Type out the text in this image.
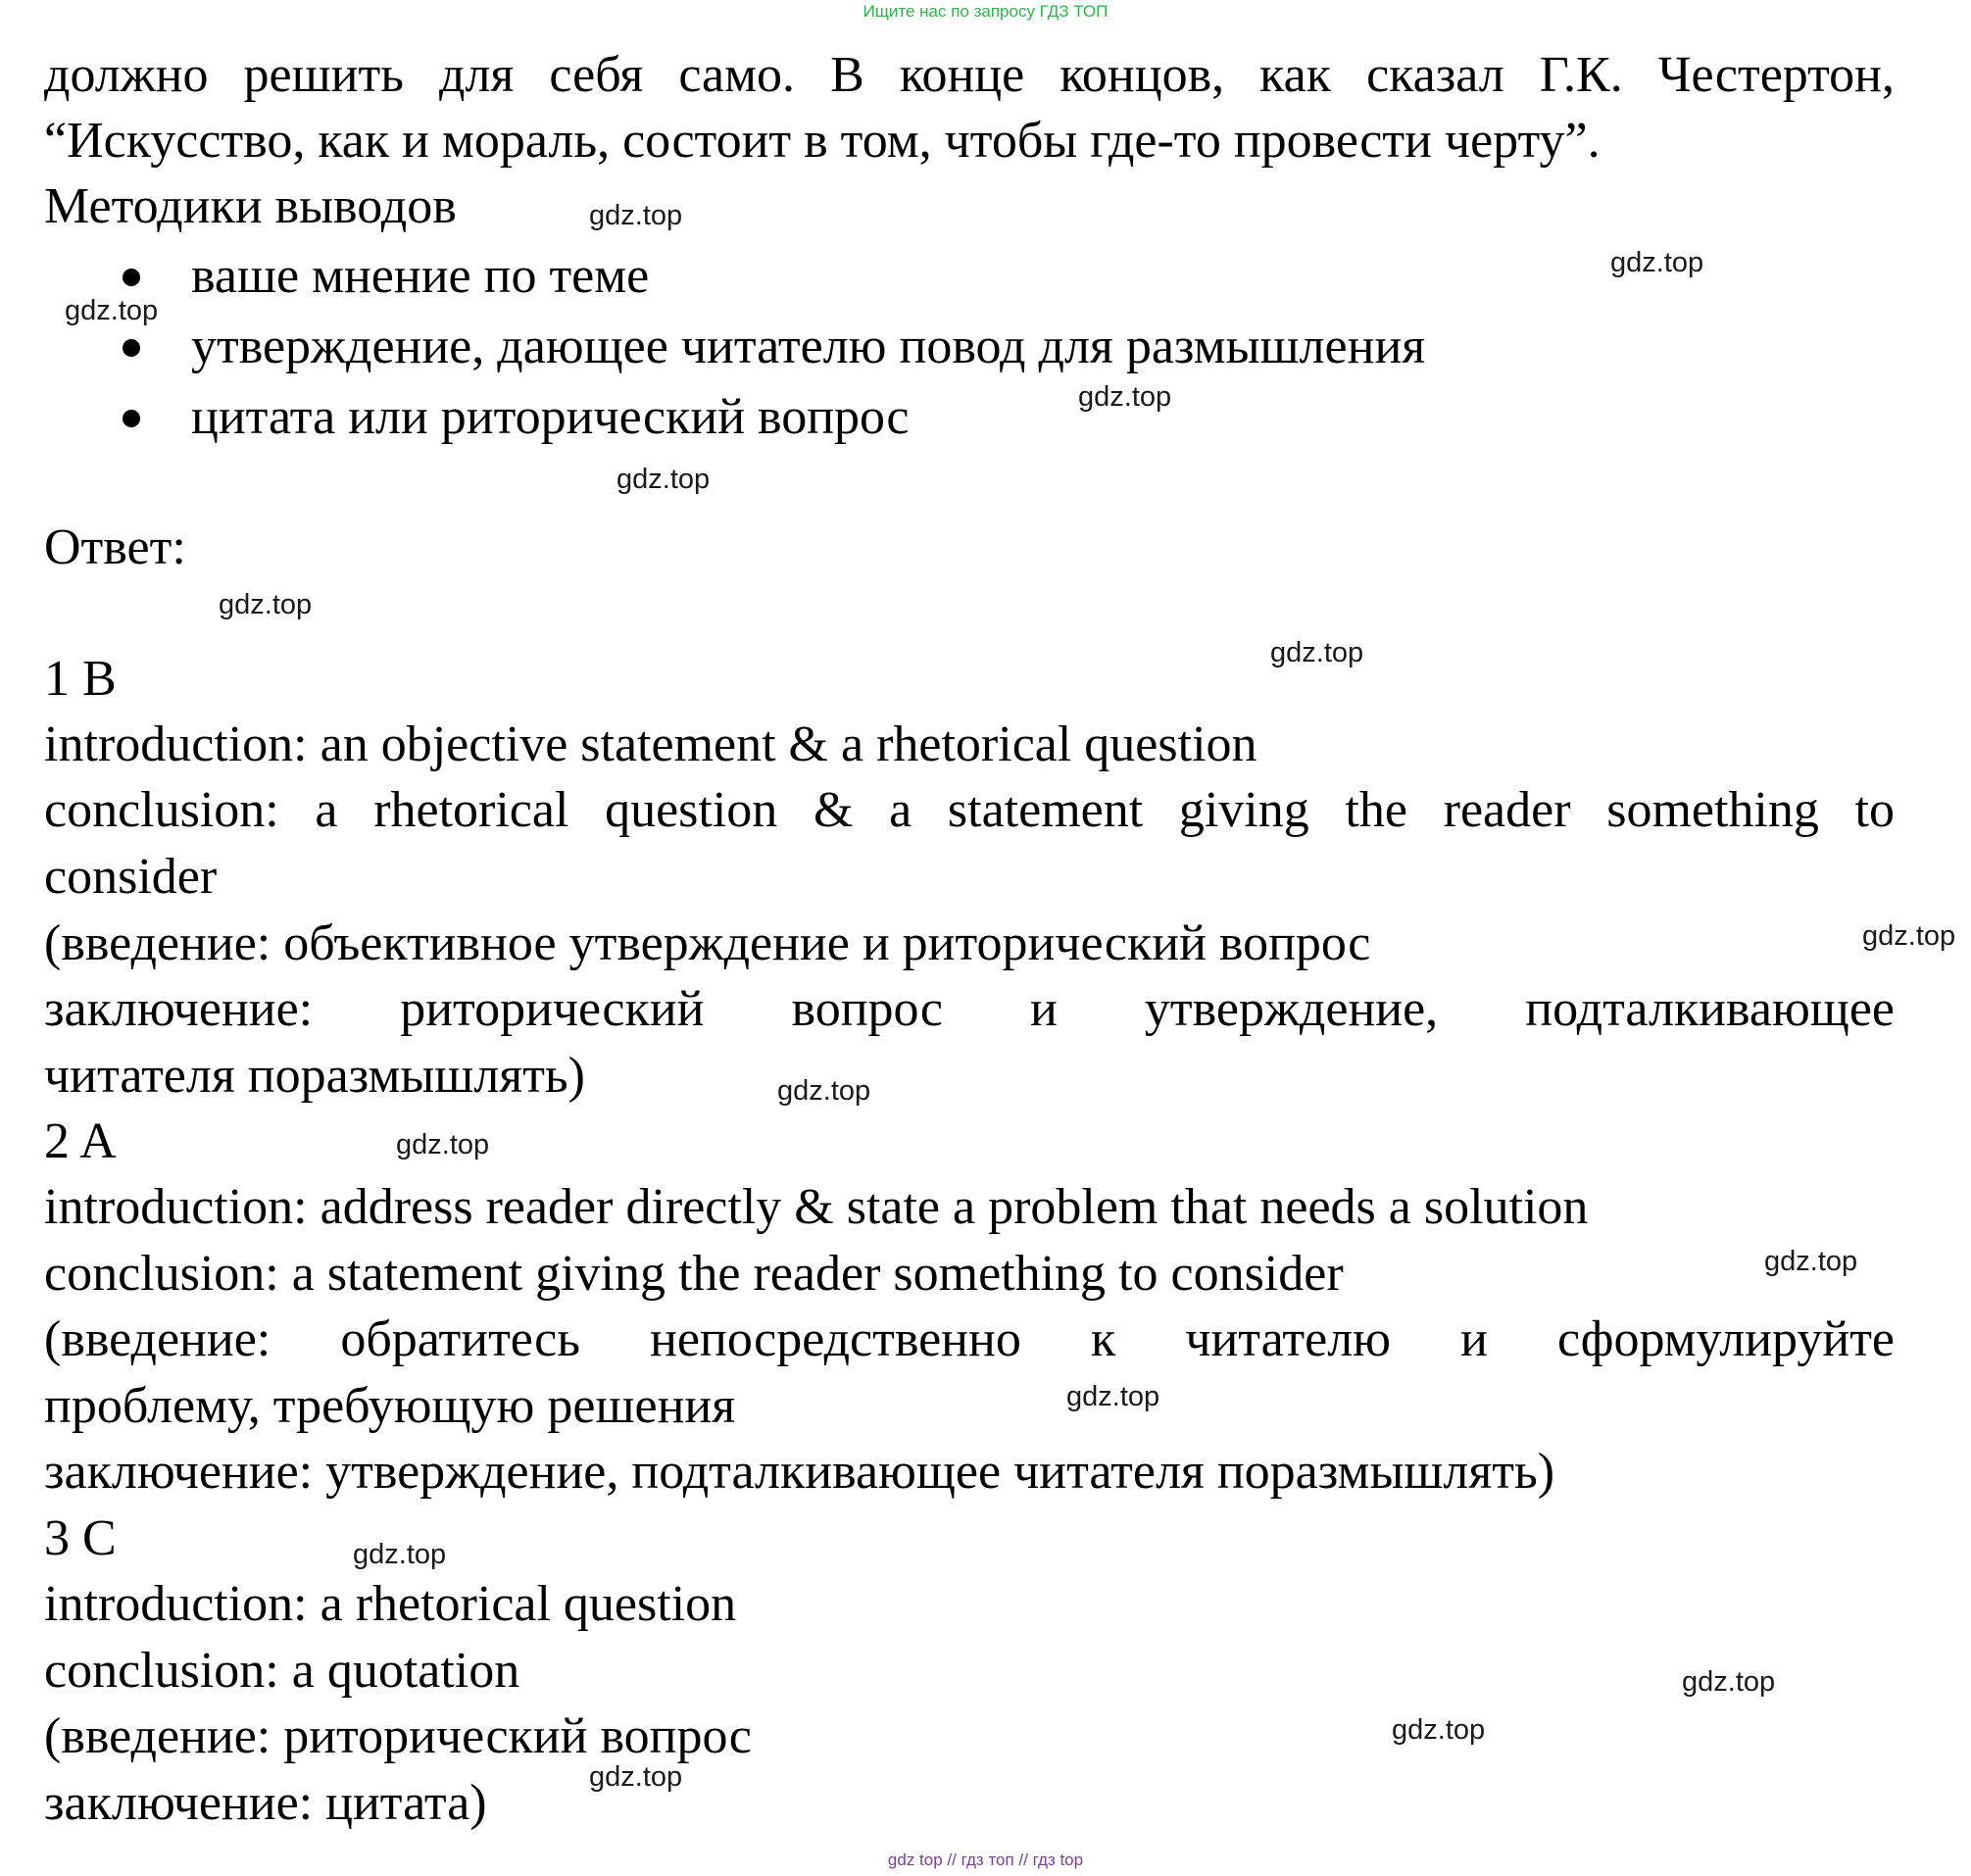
Ищите нас по запросу ГДЗ ТОП
должно решить для себя само. В конце концов, как сказал Г.К. Честертон,
“Искусство, как и мораль, состоит в том, чтобы где-то провести черту”.
Методики выводов
ваше мнение по теме
утверждение, дающее читателю повод для размышления
цитата или риторический вопрос
Ответ:
1 B
introduction: an objective statement & a rhetorical question
conclusion: a rhetorical question & a statement giving the reader something to
consider
(введение: объективное утверждение и риторический вопрос
заключение: риторический вопрос и утверждение, подталкивающее
читателя поразмышлять)
2 A
introduction: address reader directly & state a problem that needs a solution
conclusion: a statement giving the reader something to consider
(введение: обратитесь непосредственно к читателю и сформулируйте
проблему, требующую решения
заключение: утверждение, подталкивающее читателя поразмышлять)
3 C
introduction: a rhetorical question
conclusion: a quotation
(введение: риторический вопрос
заключение: цитата)
gdz.top
gdz.top
gdz.top
gdz.top
gdz.top
gdz.top
gdz.top
gdz.top
gdz.top
gdz.top
gdz.top
gdz.top
gdz.top
gdz.top
gdz.top
gdz.top
gdz top // гдз топ // гдз top
